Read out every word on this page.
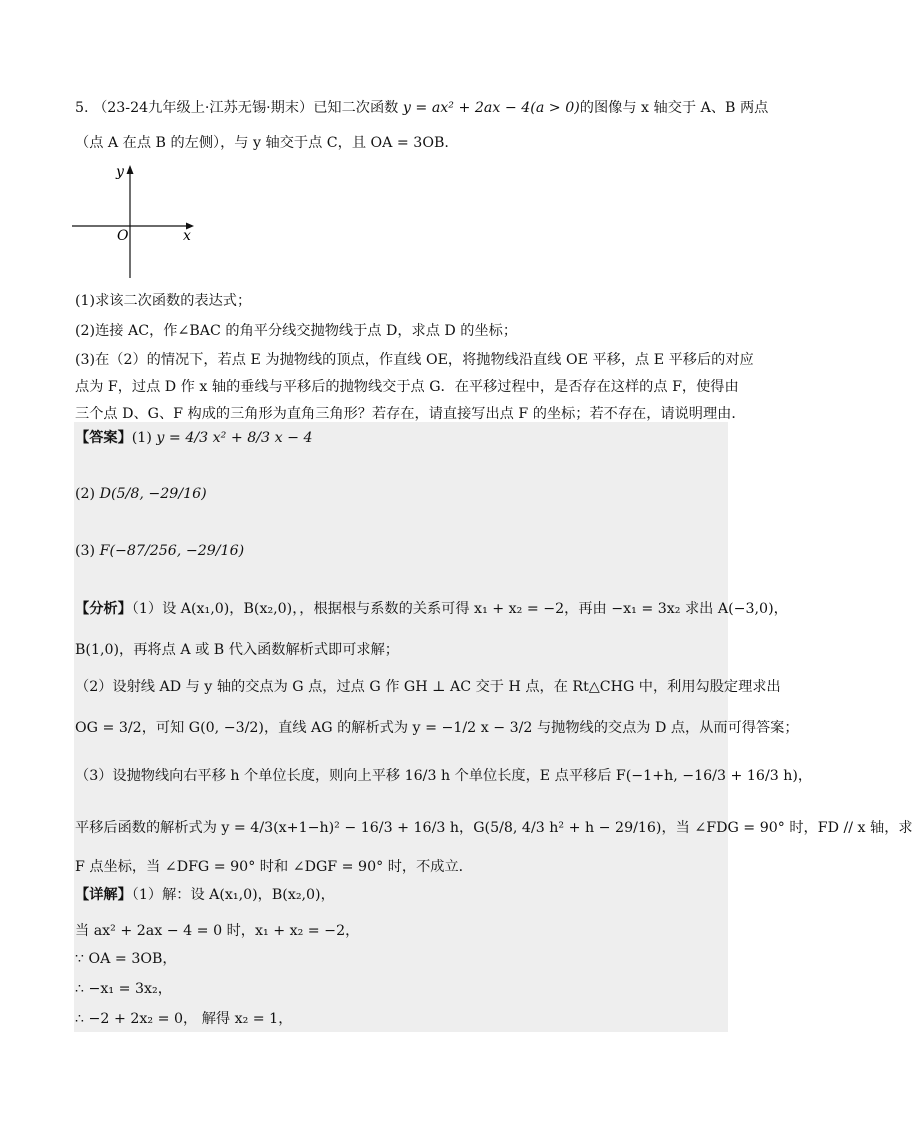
5. （23-24九年级上·江苏无锡·期末）已知二次函数 y = ax² + 2ax − 4(a > 0)的图像与 x 轴交于 A、B 两点
（点 A 在点 B 的左侧），与 y 轴交于点 C，且 OA = 3OB.
y
O	x
(1)求该二次函数的表达式；
(2)连接 AC，作∠BAC 的角平分线交抛物线于点 D，求点 D 的坐标；
(3)在（2）的情况下，若点 E 为抛物线的顶点，作直线 OE，将抛物线沿直线 OE 平移，点 E 平移后的对应
点为 F，过点 D 作 x 轴的垂线与平移后的抛物线交于点 G．在平移过程中，是否存在这样的点 F，使得由
三个点 D、G、F 构成的三角形为直角三角形？若存在，请直接写出点 F 的坐标；若不存在，请说明理由．
【答案】(1) y = 4/3 x² + 8/3 x − 4
(2) D(5/8, −29/16)
(3) F(−87/256, −29/16)
【分析】（1）设 A(x₁,0)，B(x₂,0)，，根据根与系数的关系可得 x₁ + x₂ = −2，再由 −x₁ = 3x₂ 求出 A(−3,0)，
B(1,0)，再将点 A 或 B 代入函数解析式即可求解；
（2）设射线 AD 与 y 轴的交点为 G 点，过点 G 作 GH ⊥ AC 交于 H 点，在 Rt△CHG 中，利用勾股定理求出
OG = 3/2，可知 G(0, −3/2)，直线 AG 的解析式为 y = −1/2 x − 3/2 与抛物线的交点为 D 点，从而可得答案；
（3）设抛物线向右平移 h 个单位长度，则向上平移 16/3 h 个单位长度，E 点平移后 F(−1+h, −16/3 + 16/3 h)，
平移后函数的解析式为 y = 4/3(x+1−h)² − 16/3 + 16/3 h，G(5/8, 4/3 h² + h − 29/16)，当 ∠FDG = 90° 时，FD // x 轴，求
F 点坐标，当 ∠DFG = 90° 时和 ∠DGF = 90° 时，不成立．
【详解】（1）解：设 A(x₁,0)，B(x₂,0)，
当 ax² + 2ax − 4 = 0 时，x₁ + x₂ = −2，
∵ OA = 3OB，
∴ −x₁ = 3x₂，
∴ −2 + 2x₂ = 0， 解得 x₂ = 1，
